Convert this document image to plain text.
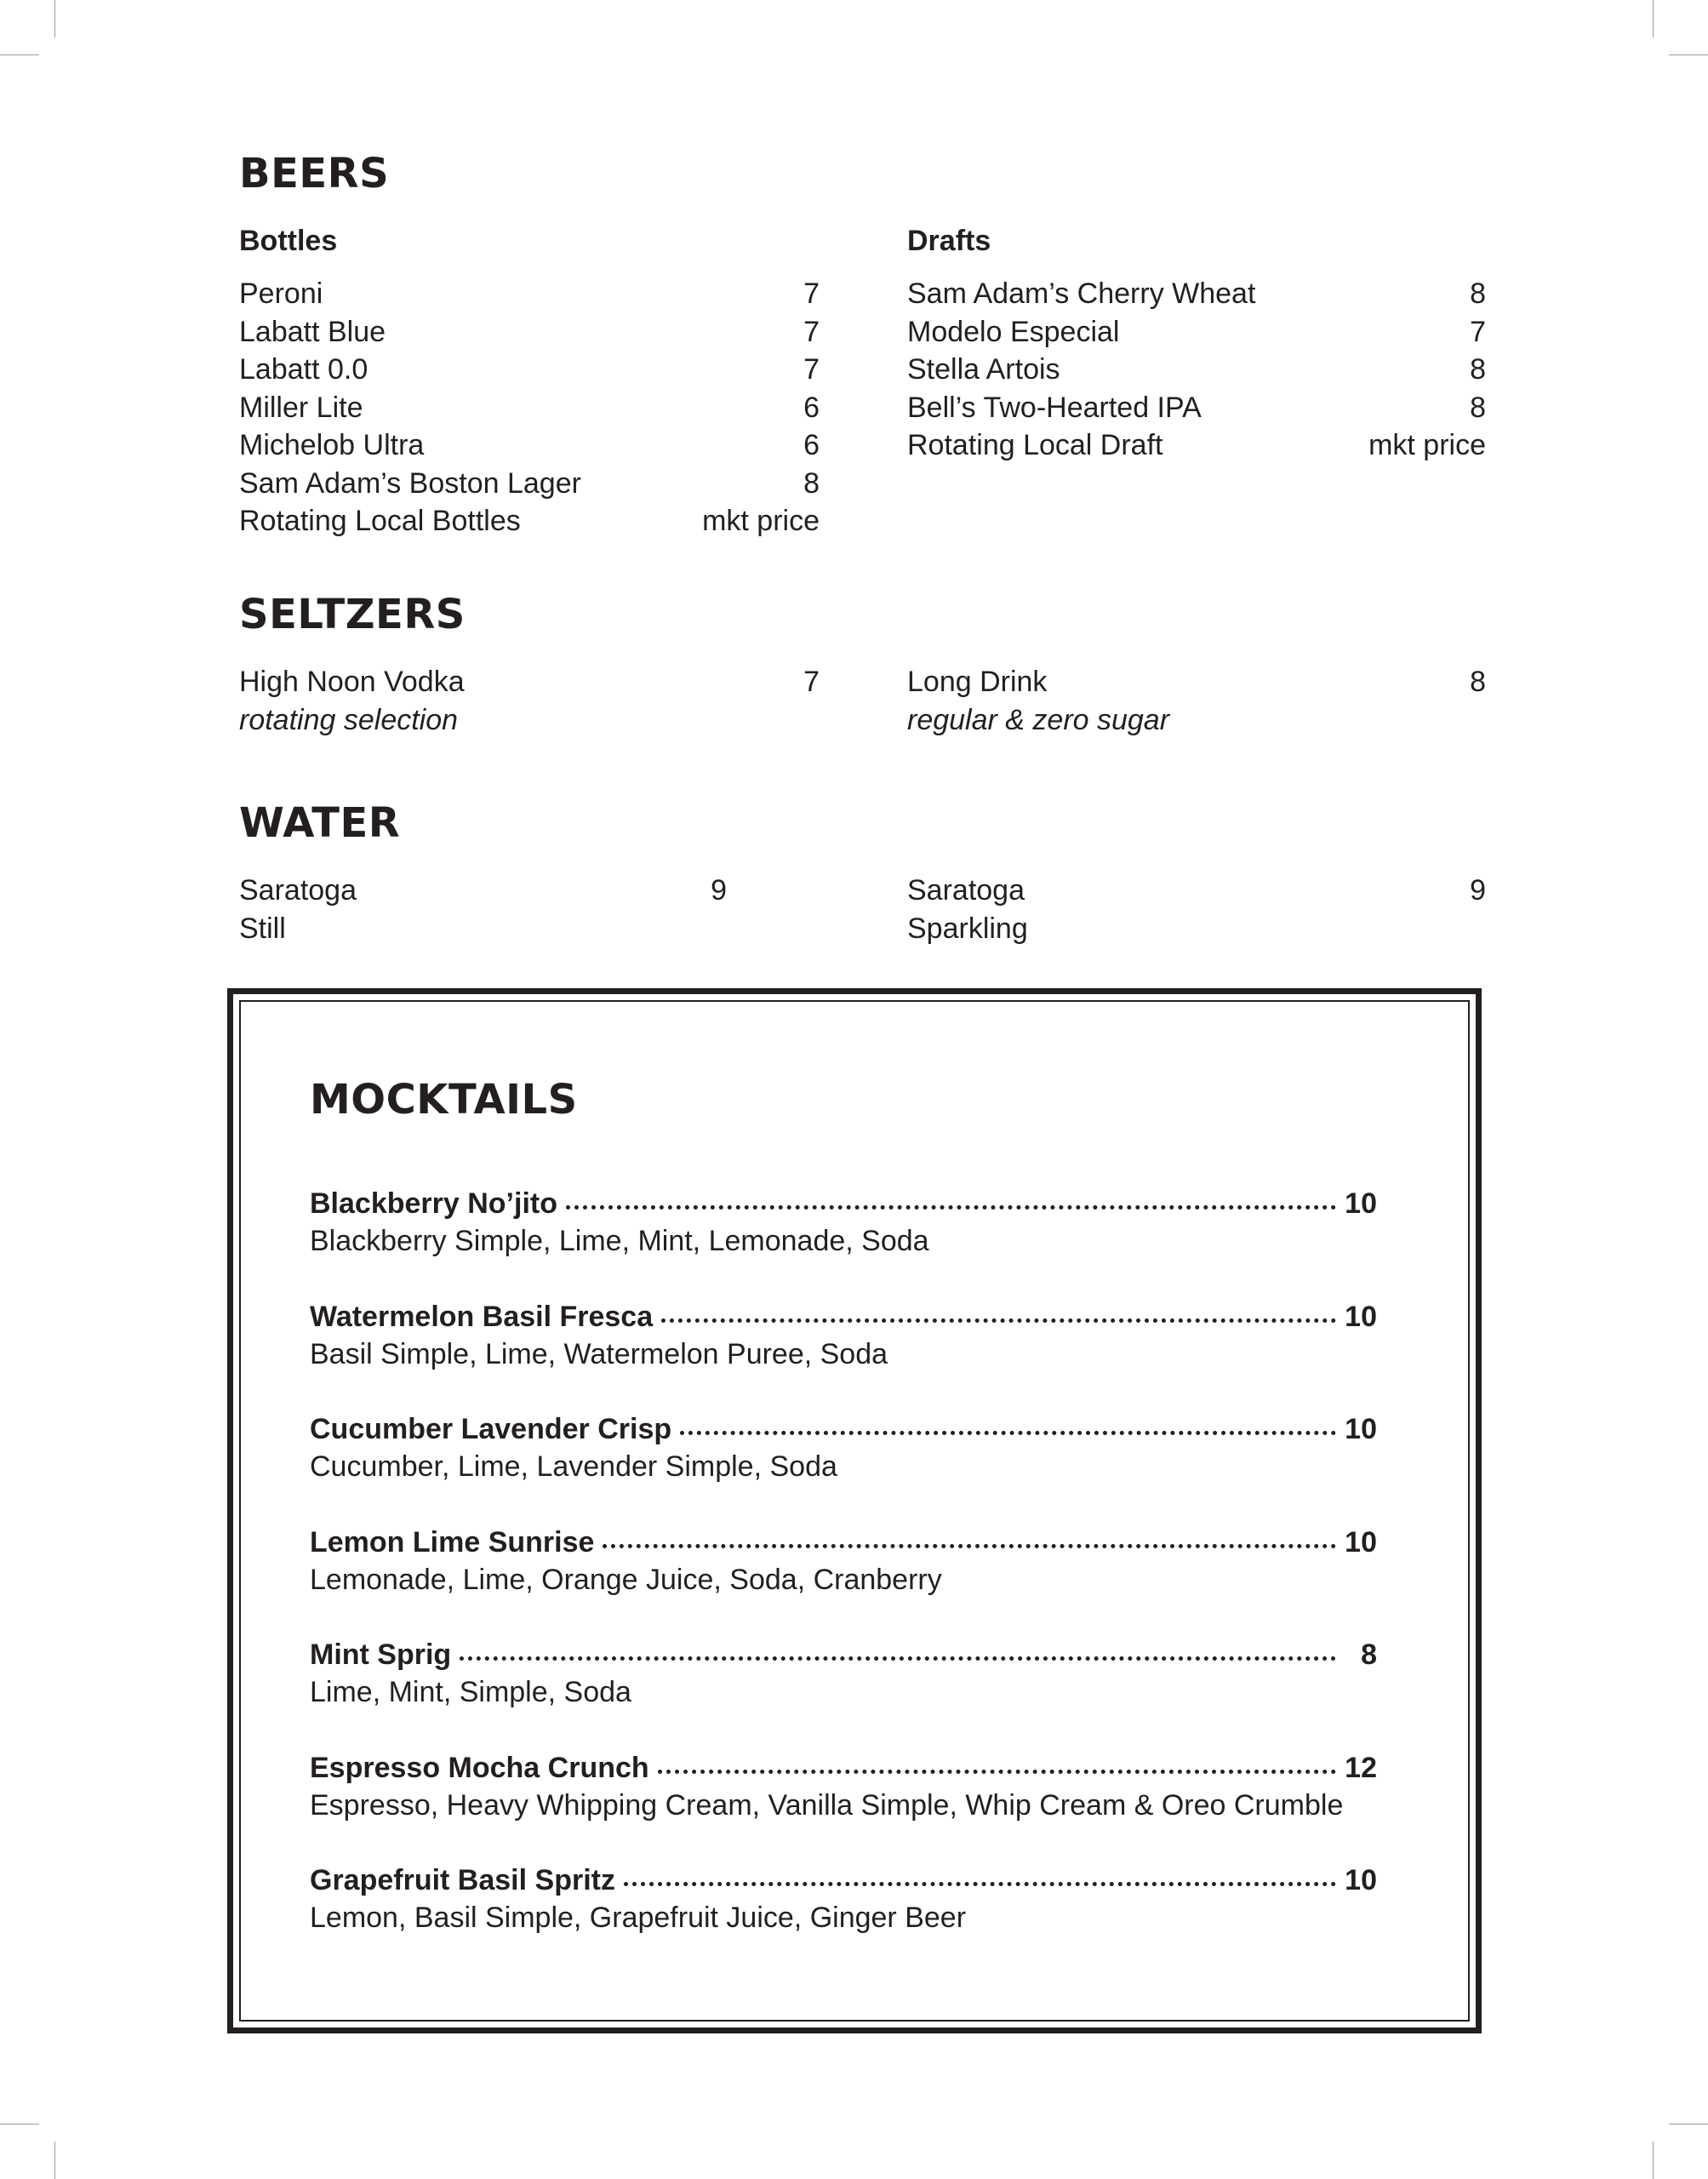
BEERS
Bottles	Drafts
Peroni	7
Labatt Blue	7
Labatt 0.0	7
Miller Lite	6
Michelob Ultra	6
Sam Adam’s Boston Lager	8
Rotating Local Bottles	mkt price
Sam Adam’s Cherry Wheat	8
Modelo Especial	7
Stella Artois	8
Bell’s Two-Hearted IPA	8
Rotating Local Draft	mkt price
SELTZERS
High Noon Vodka	7
rotating selection
Long Drink	8
regular & zero sugar
WATER
Saratoga	9
Still
Saratoga	9
Sparkling
MOCKTAILS
Blackberry No’jito	10
Blackberry Simple, Lime, Mint, Lemonade, Soda
Watermelon Basil Fresca	10
Basil Simple, Lime, Watermelon Puree, Soda
Cucumber Lavender Crisp	10
Cucumber, Lime, Lavender Simple, Soda
Lemon Lime Sunrise	10
Lemonade, Lime, Orange Juice, Soda, Cranberry
Mint Sprig	8
Lime, Mint, Simple, Soda
Espresso Mocha Crunch	12
Espresso, Heavy Whipping Cream, Vanilla Simple, Whip Cream & Oreo Crumble
Grapefruit Basil Spritz	10
Lemon, Basil Simple, Grapefruit Juice, Ginger Beer
